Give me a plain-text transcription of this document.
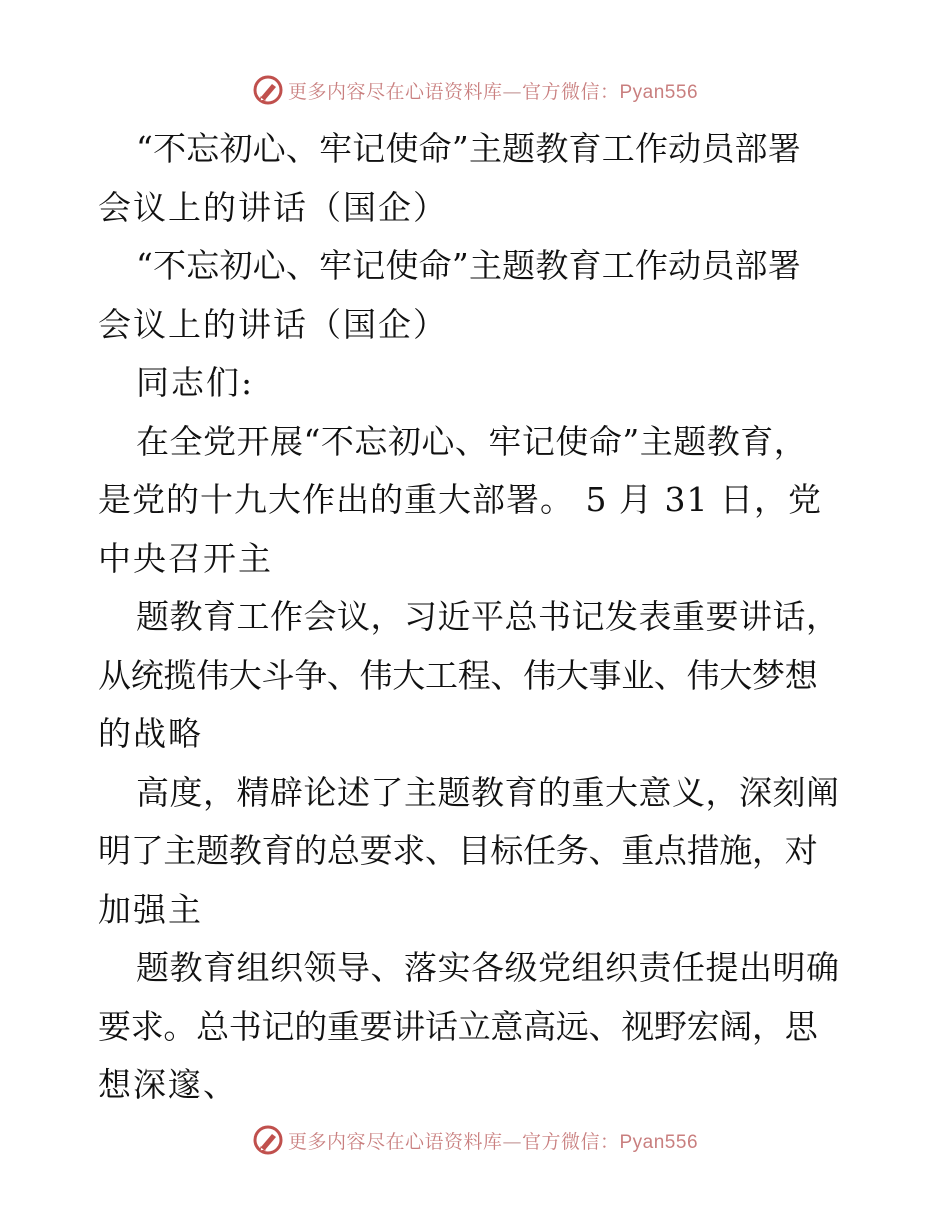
更多内容尽在心语资料库—官方微信：Pyan556
“不忘初心、牢记使命”主题教育工作动员部署
会议上的讲话（国企）
“不忘初心、牢记使命”主题教育工作动员部署
会议上的讲话（国企）
同志们:
在全党开展“不忘初心、牢记使命”主题教育，
是党的十九大作出的重大部署。 5 月 31 日，党
中央召开主
题教育工作会议，习近平总书记发表重要讲话，
从统揽伟大斗争、伟大工程、伟大事业、伟大梦想
的战略
高度，精辟论述了主题教育的重大意义，深刻阐
明了主题教育的总要求、目标任务、重点措施，对
加强主
题教育组织领导、落实各级党组织责任提出明确
要求。总书记的重要讲话立意高远、视野宏阔，思
想深邃、
更多内容尽在心语资料库—官方微信：Pyan556
